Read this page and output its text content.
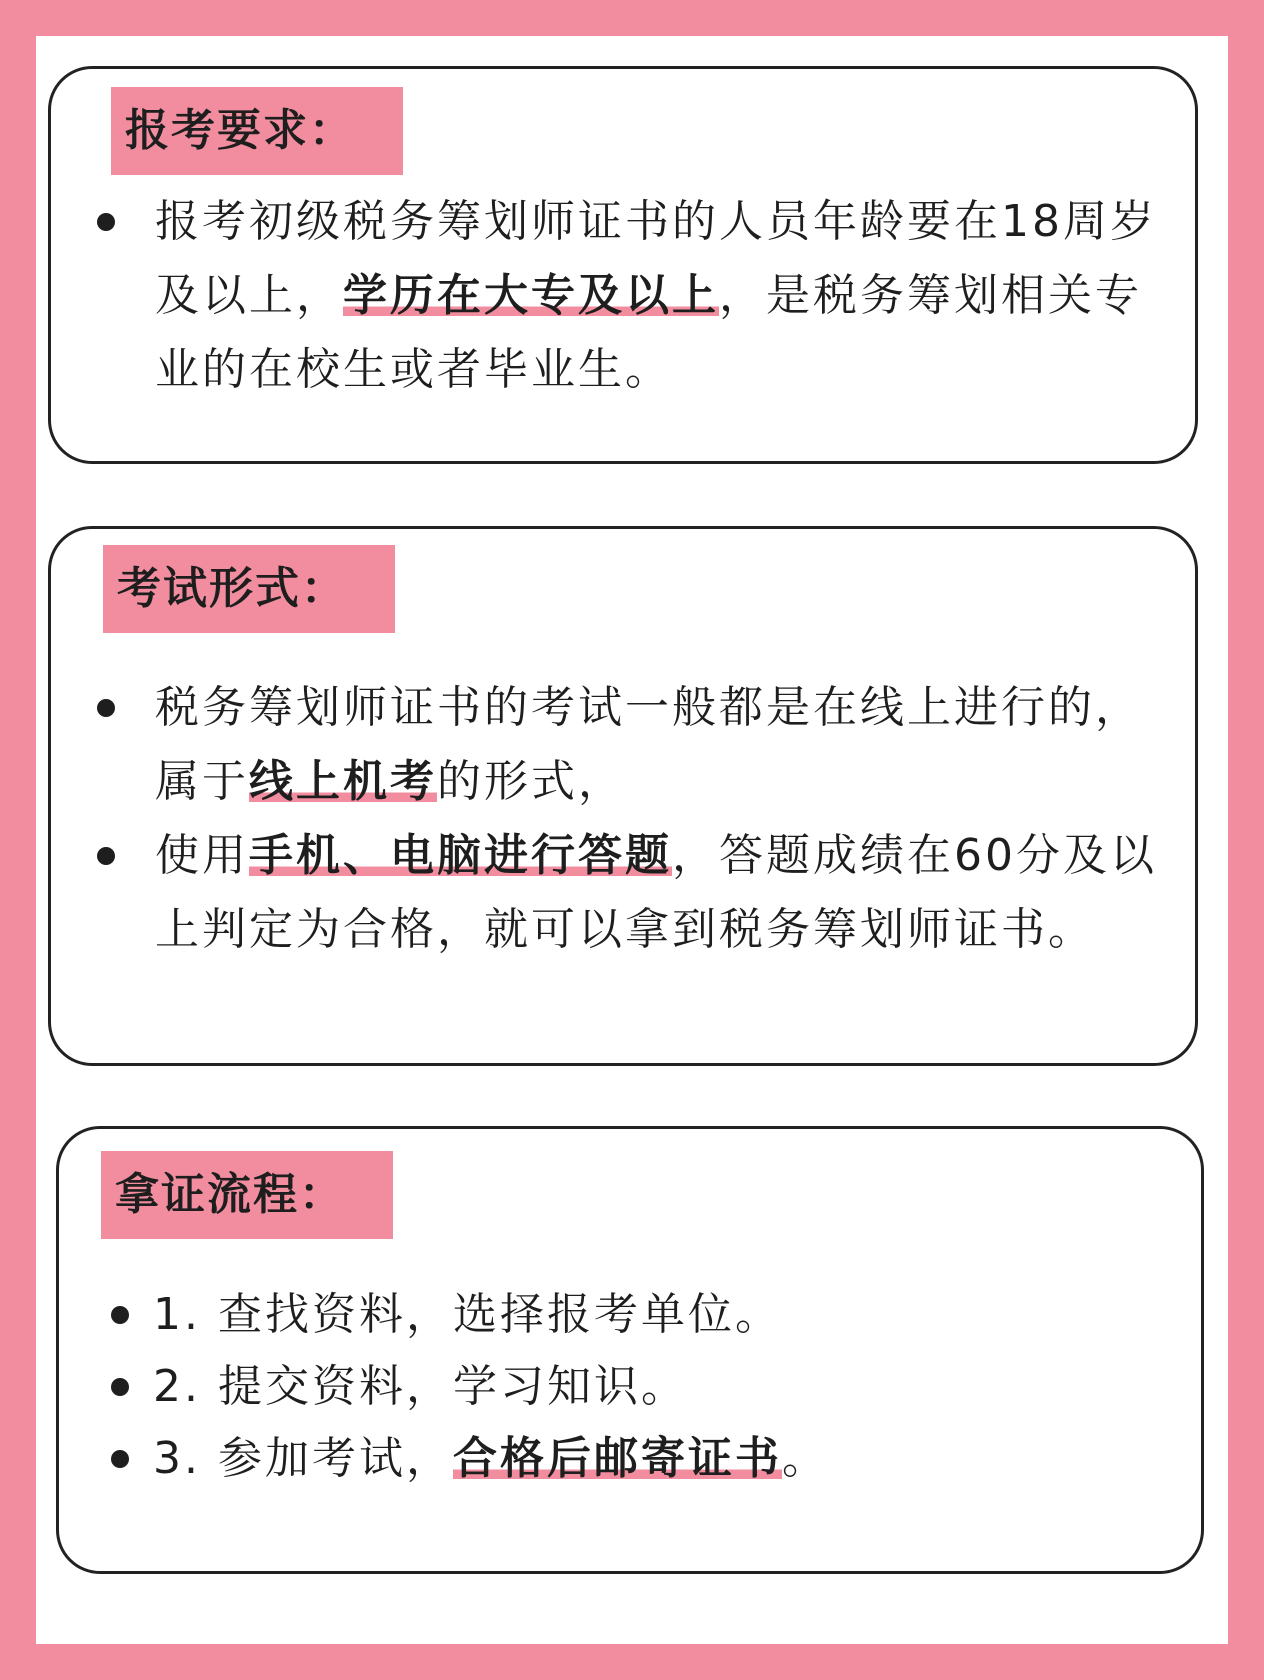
报考要求：
报考初级税务筹划师证书的人员年龄要在18周岁及以上，学历在大专及以上，是税务筹划相关专业的在校生或者毕业生。
考试形式：
税务筹划师证书的考试一般都是在线上进行的，属于线上机考的形式，
使用手机、电脑进行答题，答题成绩在60分及以上判定为合格，就可以拿到税务筹划师证书。
拿证流程：
1. 查找资料，选择报考单位。
2. 提交资料，学习知识。
3. 参加考试，合格后邮寄证书。
